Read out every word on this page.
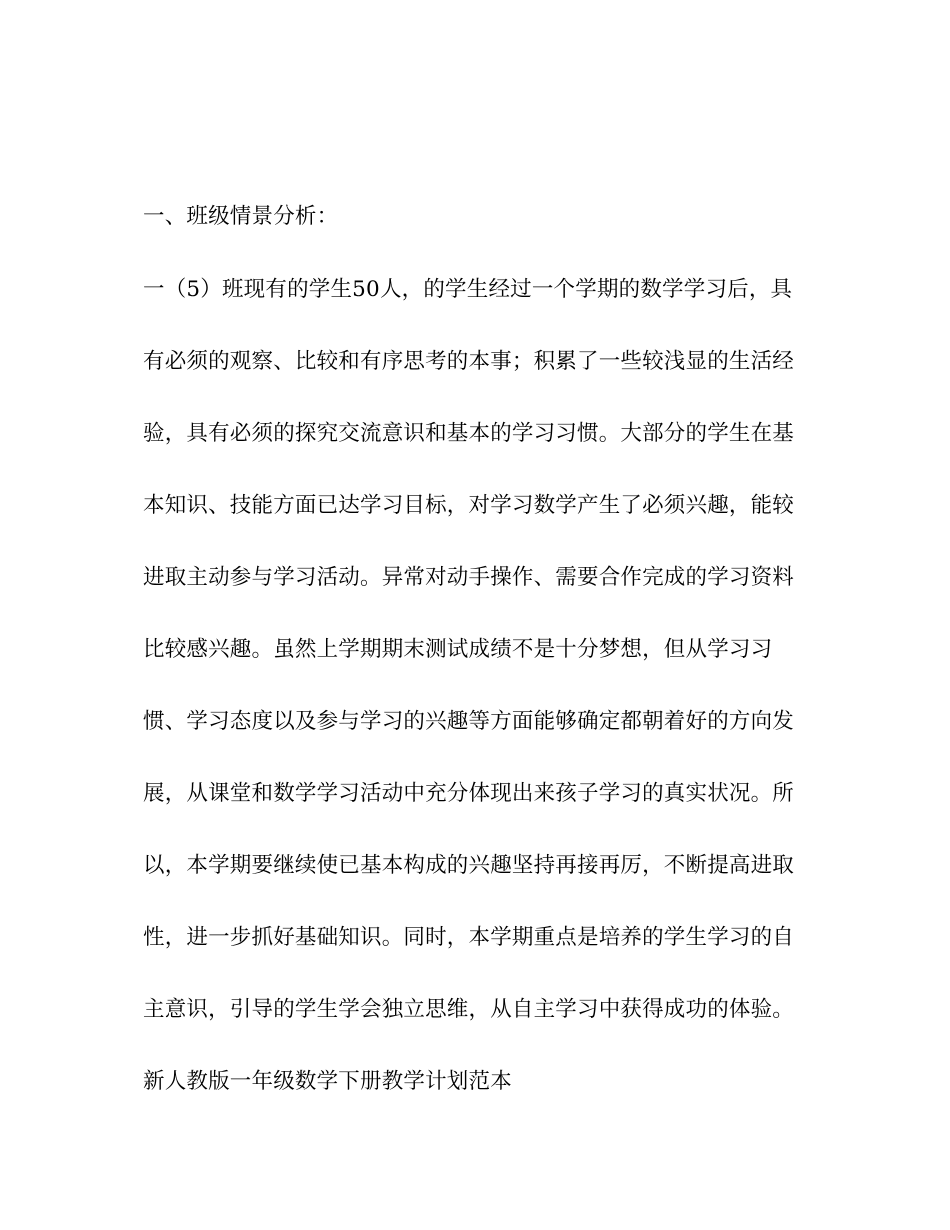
一、班级情景分析：
一（5）班现有的学生50人，的学生经过一个学期的数学学习后，具
有必须的观察、比较和有序思考的本事；积累了一些较浅显的生活经
验，具有必须的探究交流意识和基本的学习习惯。大部分的学生在基
本知识、技能方面已达学习目标，对学习数学产生了必须兴趣，能较
进取主动参与学习活动。异常对动手操作、需要合作完成的学习资料
比较感兴趣。虽然上学期期末测试成绩不是十分梦想，但从学习习
惯、学习态度以及参与学习的兴趣等方面能够确定都朝着好的方向发
展，从课堂和数学学习活动中充分体现出来孩子学习的真实状况。所
以，本学期要继续使已基本构成的兴趣坚持再接再厉，不断提高进取
性，进一步抓好基础知识。同时，本学期重点是培养的学生学习的自
主意识，引导的学生学会独立思维，从自主学习中获得成功的体验。
新人教版一年级数学下册教学计划范本
